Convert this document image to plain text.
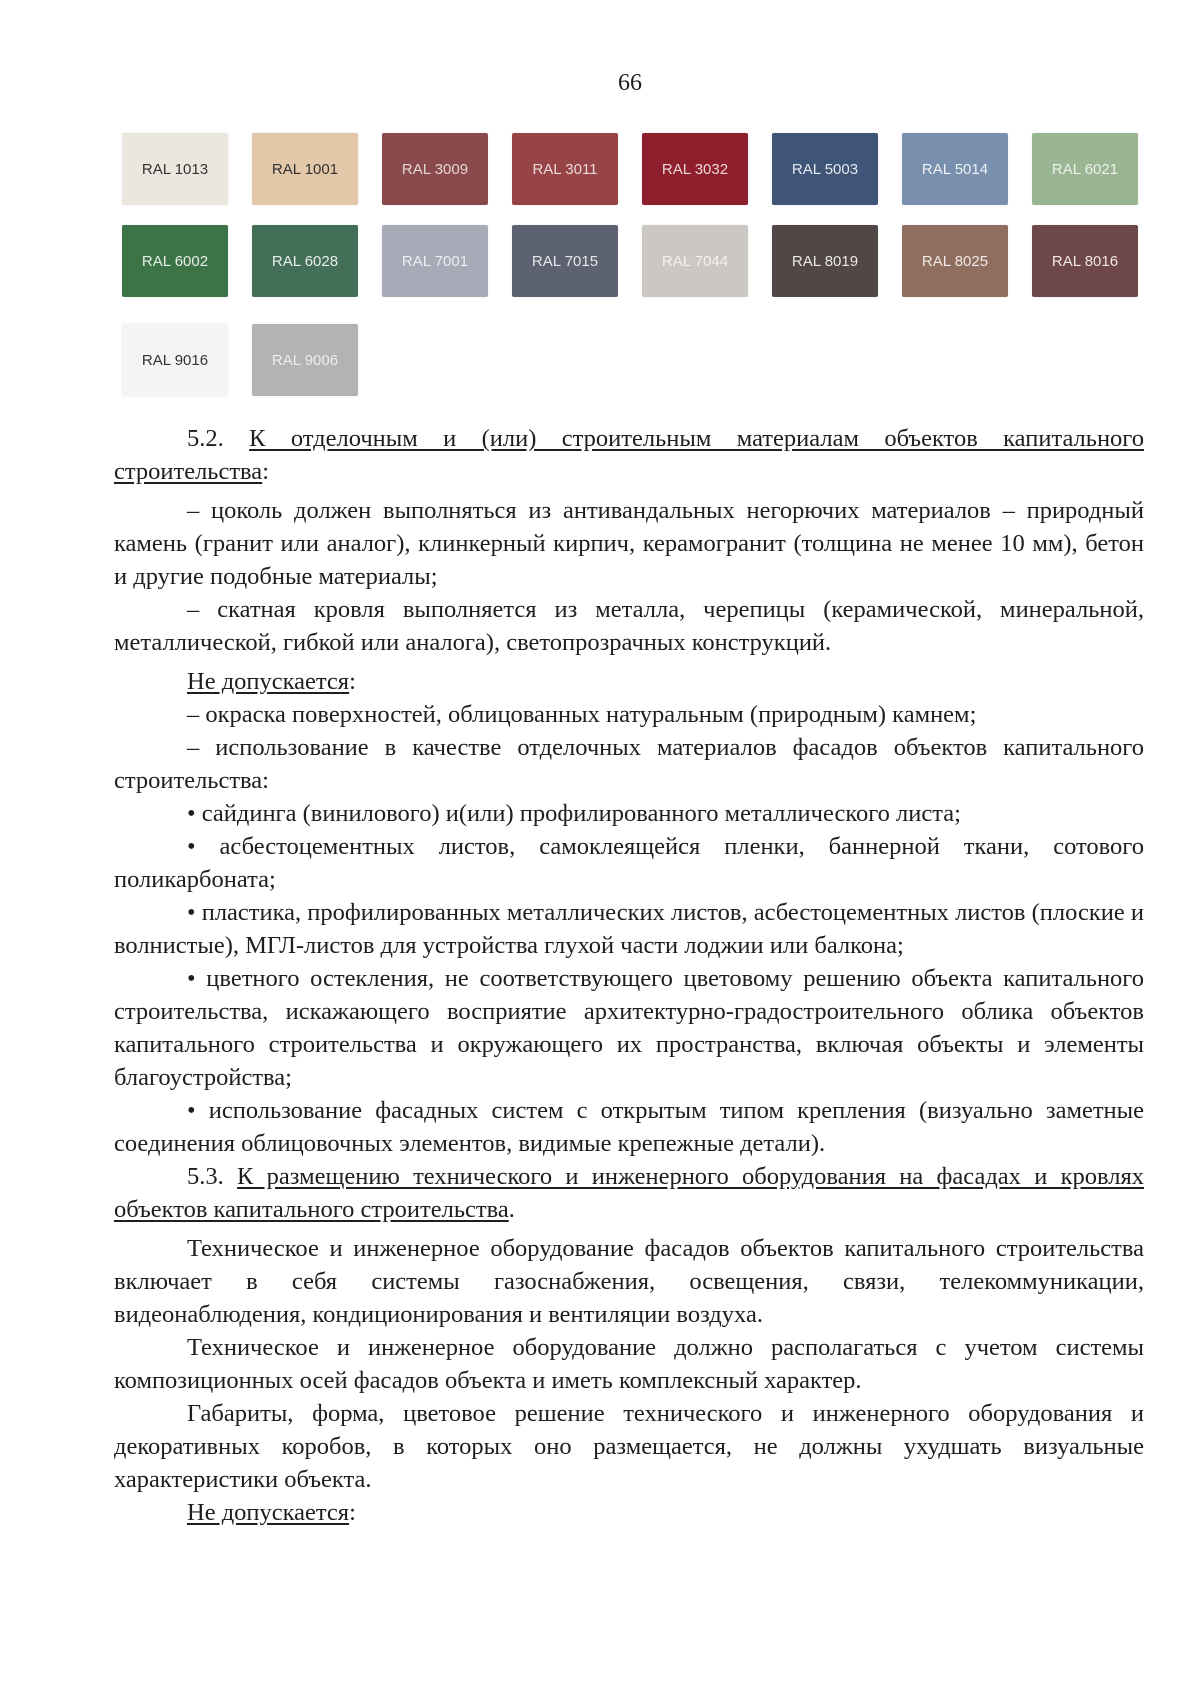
66
RAL 1013	RAL 1001	RAL 3009	RAL 3011	RAL 3032	RAL 5003	RAL 5014	RAL 6021
RAL 6002	RAL 6028	RAL 7001	RAL 7015	RAL 7044	RAL 8019	RAL 8025	RAL 8016
RAL 9016	RAL 9006

5.2. К отделочным и (или) строительным материалам объектов капитального строительства:

– цоколь должен выполняться из антивандальных негорючих материалов – природный камень (гранит или аналог), клинкерный кирпич, керамогранит (толщина не менее 10 мм), бетон и другие подобные материалы;

– скатная кровля выполняется из металла, черепицы (керамической, минеральной, металлической, гибкой или аналога), светопрозрачных конструкций.

Не допускается:

– окраска поверхностей, облицованных натуральным (природным) камнем;

– использование в качестве отделочных материалов фасадов объектов капитального строительства:

• сайдинга (винилового) и(или) профилированного металлического листа;

• асбестоцементных листов, самоклеящейся пленки, баннерной ткани, сотового поликарбоната;

• пластика, профилированных металлических листов, асбестоцементных листов (плоские и волнистые), МГЛ-листов для устройства глухой части лоджии или балкона;

• цветного остекления, не соответствующего цветовому решению объекта капитального строительства, искажающего восприятие архитектурно-градостроительного облика объектов капитального строительства и окружающего их пространства, включая объекты и элементы благоустройства;

• использование фасадных систем с открытым типом крепления (визуально заметные соединения облицовочных элементов, видимые крепежные детали).

5.3. К размещению технического и инженерного оборудования на фасадах и кровлях объектов капитального строительства.

Техническое и инженерное оборудование фасадов объектов капитального строительства включает в себя системы газоснабжения, освещения, связи, телекоммуникации, видеонаблюдения, кондиционирования и вентиляции воздуха.

Техническое и инженерное оборудование должно располагаться с учетом системы композиционных осей фасадов объекта и иметь комплексный характер.

Габариты, форма, цветовое решение технического и инженерного оборудования и декоративных коробов, в которых оно размещается, не должны ухудшать визуальные характеристики объекта.

Не допускается:
